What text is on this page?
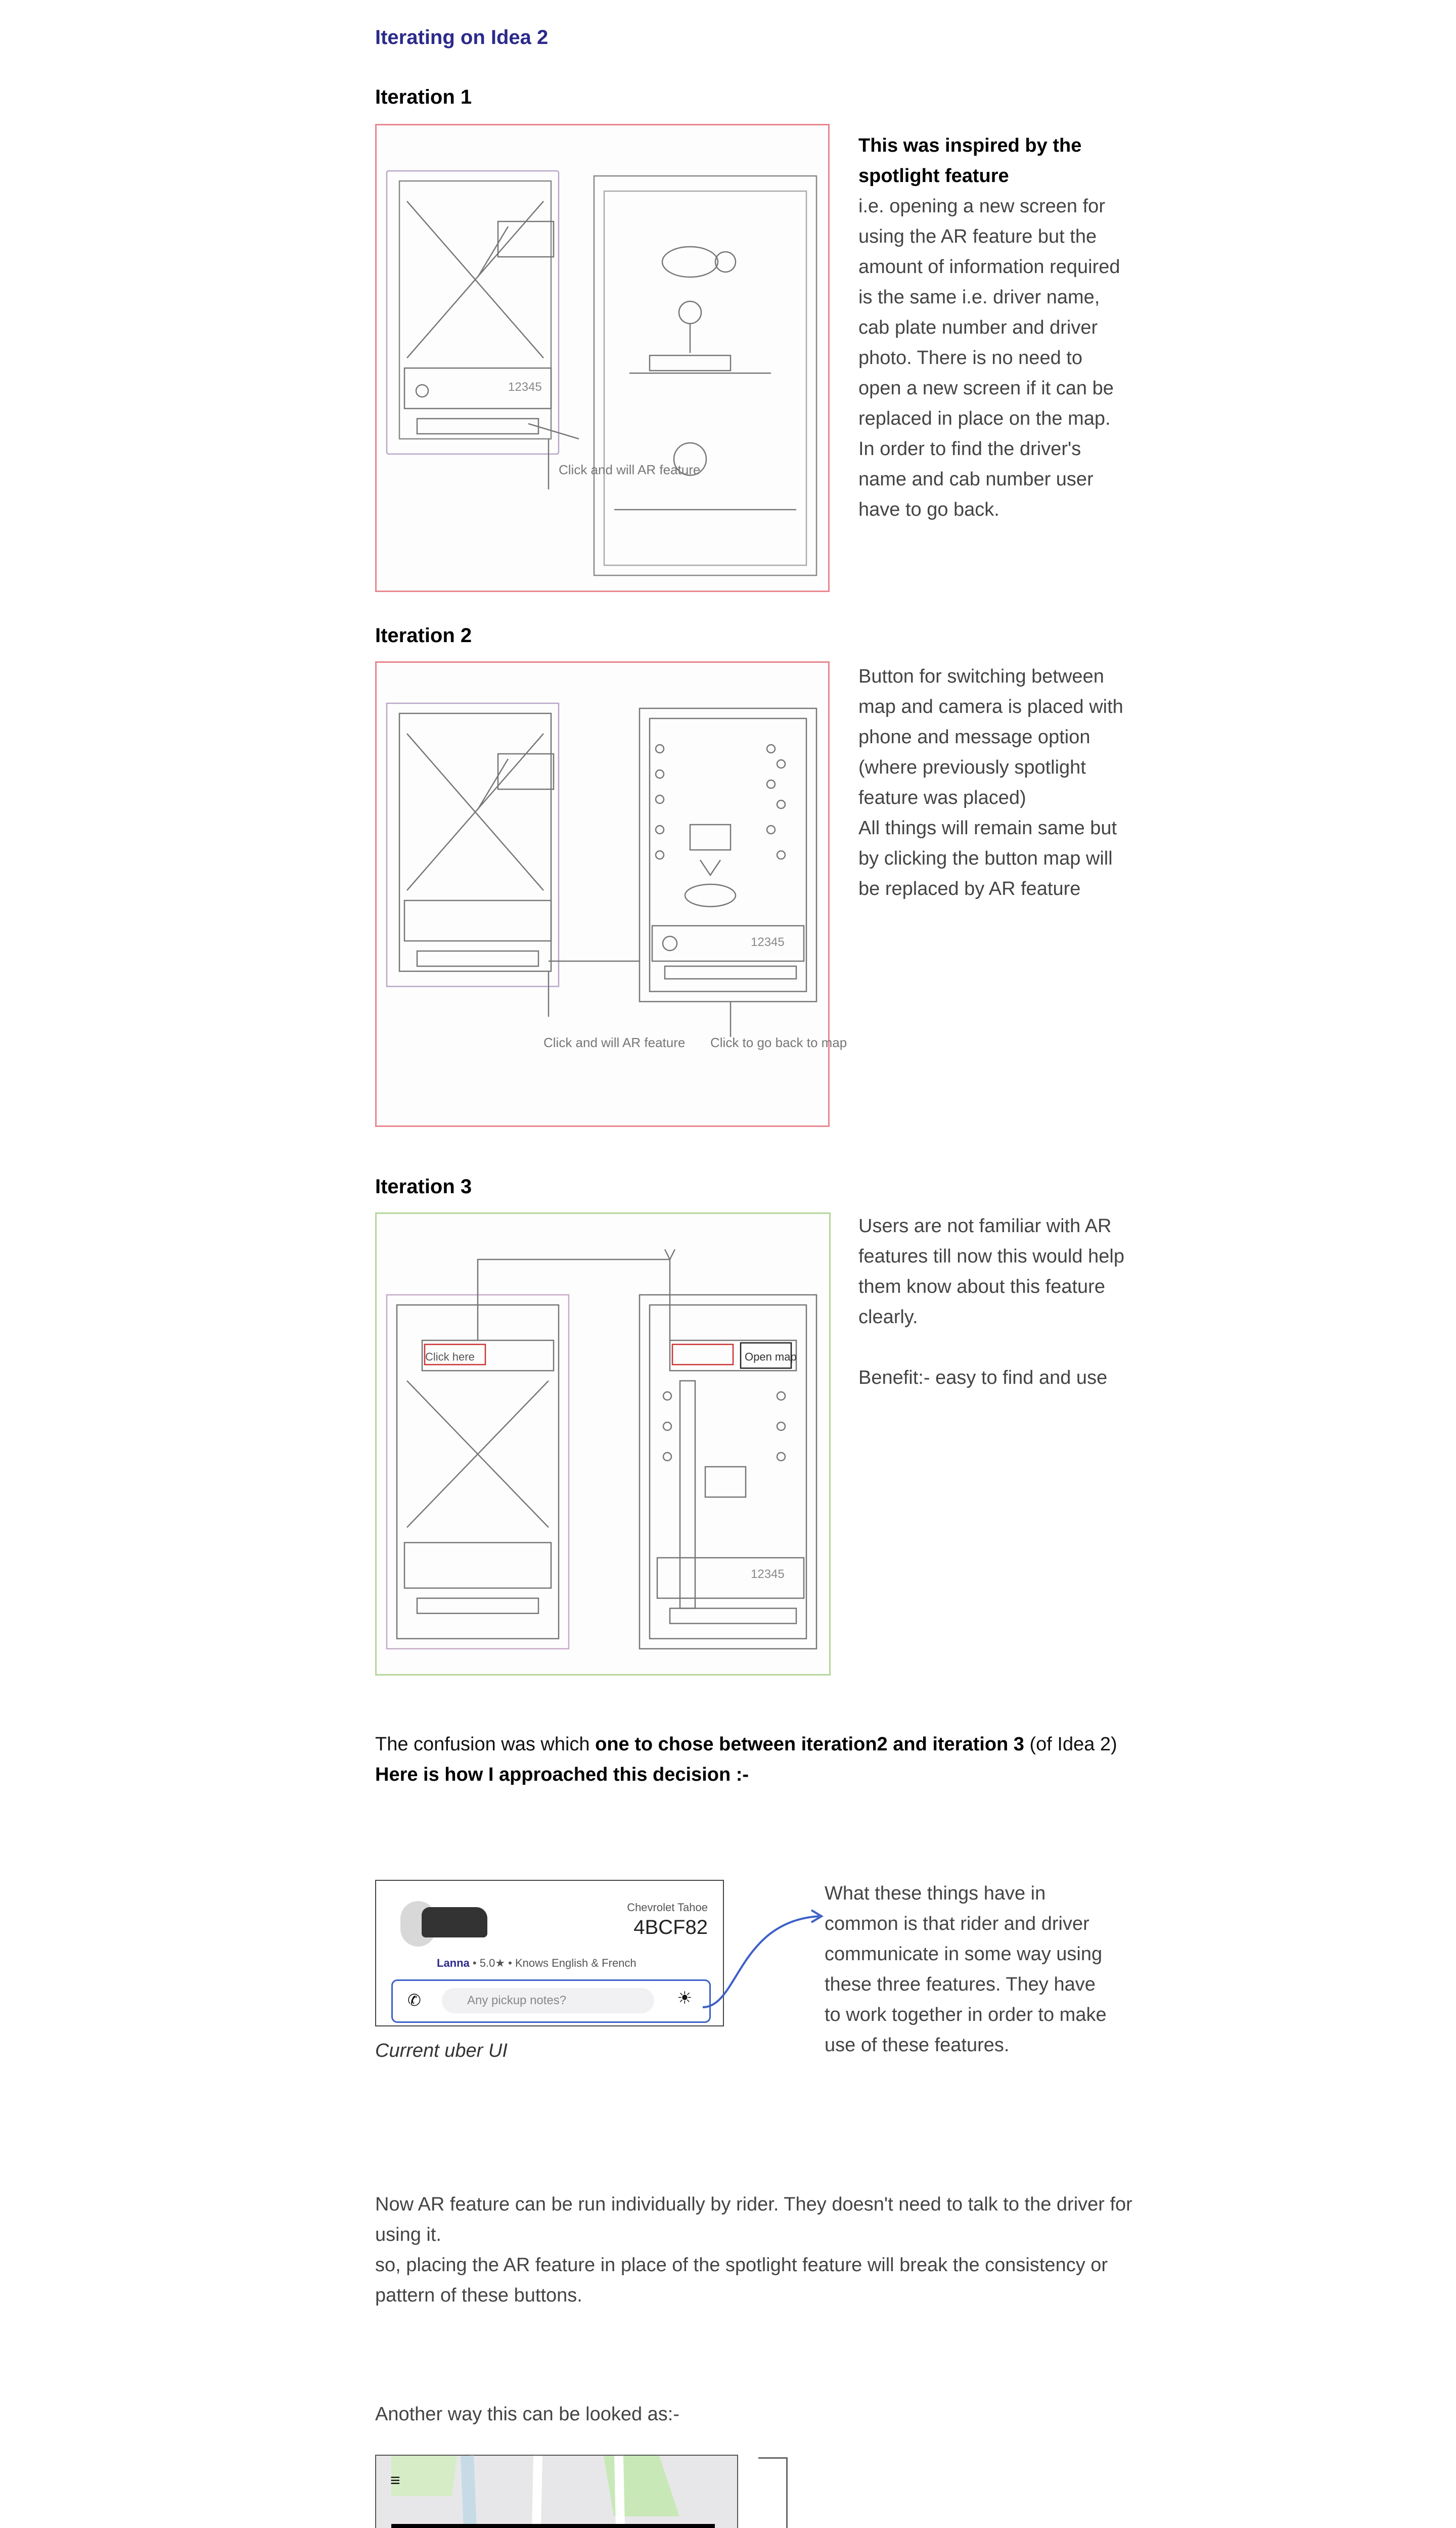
Iterating on Idea 2
Iteration 1
Click and will AR feature
12345
This was inspired by the spotlight feature
i.e. opening a new screen for using the AR feature but the amount of information required is the same i.e. driver name, cab plate number and driver photo. There is no need to open a new screen if it can be replaced in place on the map.
In order to find the driver's name and cab number user have to go back.
Iteration 2
Click and will AR feature Click to go back to map
12345
Button for switching between map and camera is placed with phone and message option (where previously spotlight feature was placed)
All things will remain same but by clicking the button map will be replaced by AR feature
Iteration 3
Click here	Open map
12345
Users are not familiar with AR features till now this would help them know about this feature clearly.
Benefit:- easy to find and use
The confusion was which one to chose between iteration2 and iteration 3 (of Idea 2)
Here is how I approached this decision :-
Chevrolet Tahoe
4BCF82
Lanna • 5.0★ • Knows English & French
✆	Any pickup notes?	☀
Current uber UI
What these things have in common is that rider and driver communicate in some way using these three features. They have to work together in order to make use of these features.
Now AR feature can be run individually by rider. They doesn't need to talk to the driver for using it.
so, placing the AR feature in place of the spotlight feature will break the consistency or pattern of these buttons.
Another way this can be looked as:-
≡
